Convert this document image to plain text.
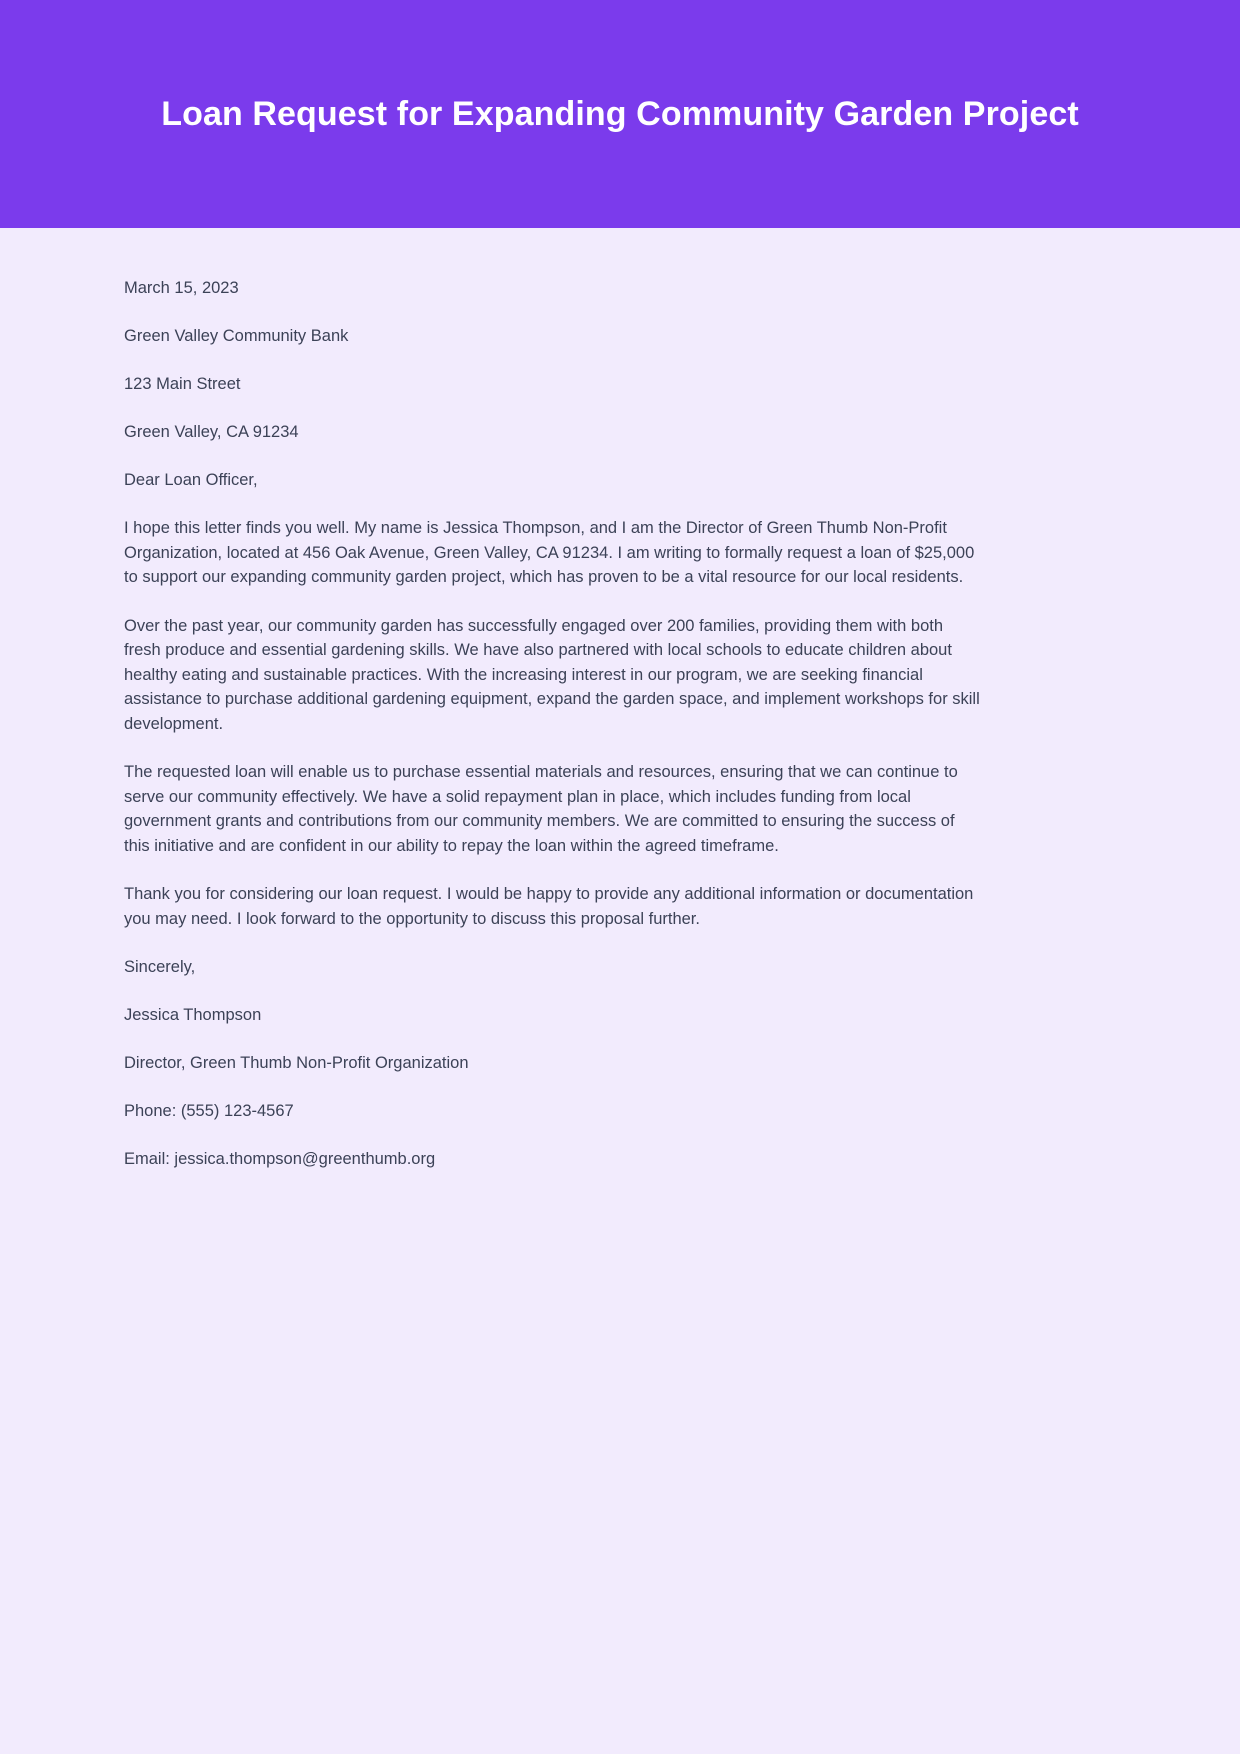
Loan Request for Expanding Community Garden Project

March 15, 2023

Green Valley Community Bank

123 Main Street

Green Valley, CA 91234

Dear Loan Officer,

I hope this letter finds you well. My name is Jessica Thompson, and I am the Director of Green Thumb Non-Profit Organization, located at 456 Oak Avenue, Green Valley, CA 91234. I am writing to formally request a loan of $25,000 to support our expanding community garden project, which has proven to be a vital resource for our local residents.

Over the past year, our community garden has successfully engaged over 200 families, providing them with both fresh produce and essential gardening skills. We have also partnered with local schools to educate children about healthy eating and sustainable practices. With the increasing interest in our program, we are seeking financial assistance to purchase additional gardening equipment, expand the garden space, and implement workshops for skill development.

The requested loan will enable us to purchase essential materials and resources, ensuring that we can continue to serve our community effectively. We have a solid repayment plan in place, which includes funding from local government grants and contributions from our community members. We are committed to ensuring the success of this initiative and are confident in our ability to repay the loan within the agreed timeframe.

Thank you for considering our loan request. I would be happy to provide any additional information or documentation you may need. I look forward to the opportunity to discuss this proposal further.

Sincerely,

Jessica Thompson

Director, Green Thumb Non-Profit Organization

Phone: (555) 123-4567

Email: jessica.thompson@greenthumb.org
